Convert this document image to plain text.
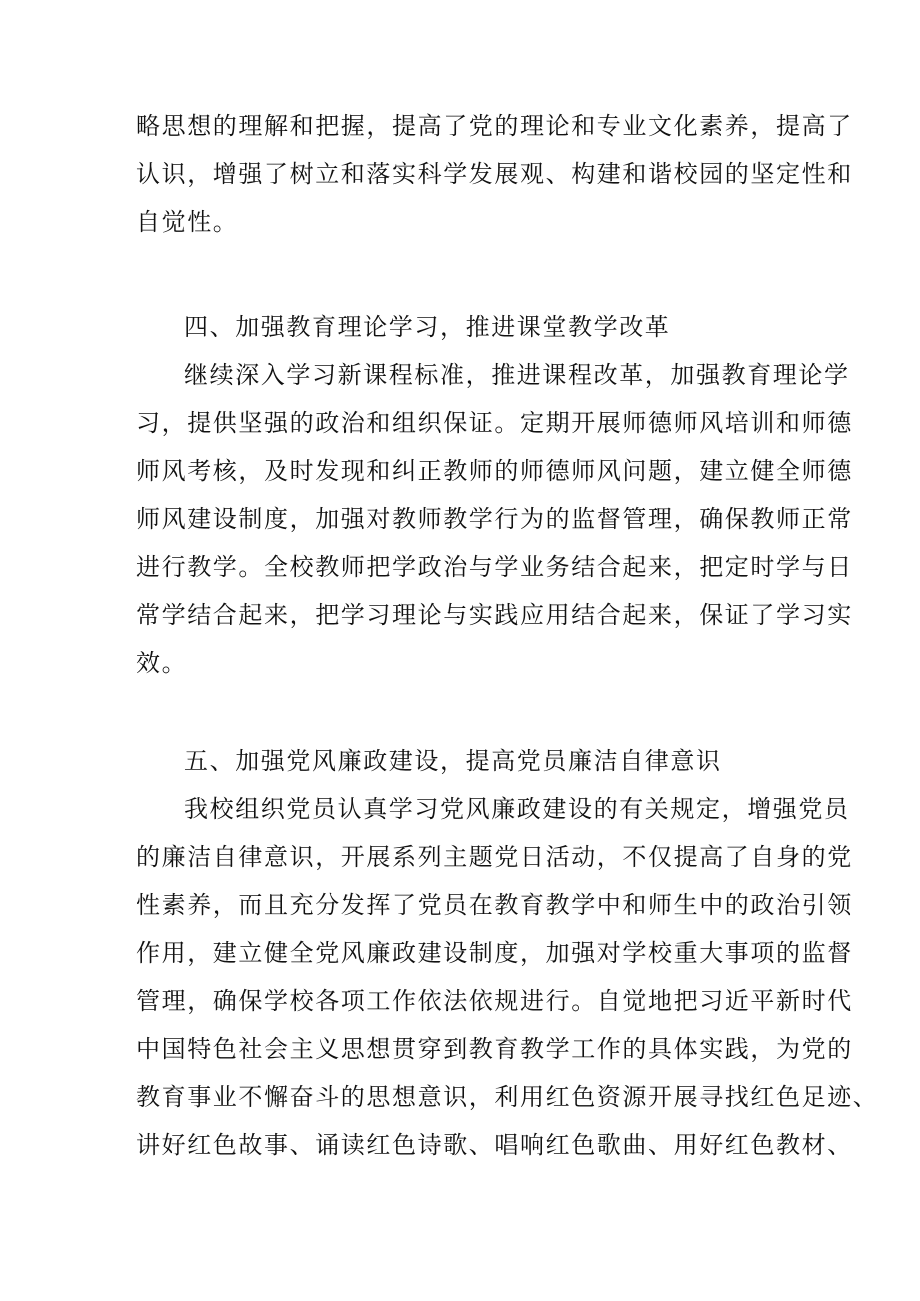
略思想的理解和把握，提高了党的理论和专业文化素养，提高了
认识，增强了树立和落实科学发展观、构建和谐校园的坚定性和
自觉性。
四、加强教育理论学习，推进课堂教学改革
继续深入学习新课程标准，推进课程改革，加强教育理论学
习，提供坚强的政治和组织保证。定期开展师德师风培训和师德
师风考核，及时发现和纠正教师的师德师风问题，建立健全师德
师风建设制度，加强对教师教学行为的监督管理，确保教师正常
进行教学。全校教师把学政治与学业务结合起来，把定时学与日
常学结合起来，把学习理论与实践应用结合起来，保证了学习实
效。
五、加强党风廉政建设，提高党员廉洁自律意识
我校组织党员认真学习党风廉政建设的有关规定，增强党员
的廉洁自律意识，开展系列主题党日活动，不仅提高了自身的党
性素养，而且充分发挥了党员在教育教学中和师生中的政治引领
作用，建立健全党风廉政建设制度，加强对学校重大事项的监督
管理，确保学校各项工作依法依规进行。自觉地把习近平新时代
中国特色社会主义思想贯穿到教育教学工作的具体实践，为党的
教育事业不懈奋斗的思想意识，利用红色资源开展寻找红色足迹、
讲好红色故事、诵读红色诗歌、唱响红色歌曲、用好红色教材、
